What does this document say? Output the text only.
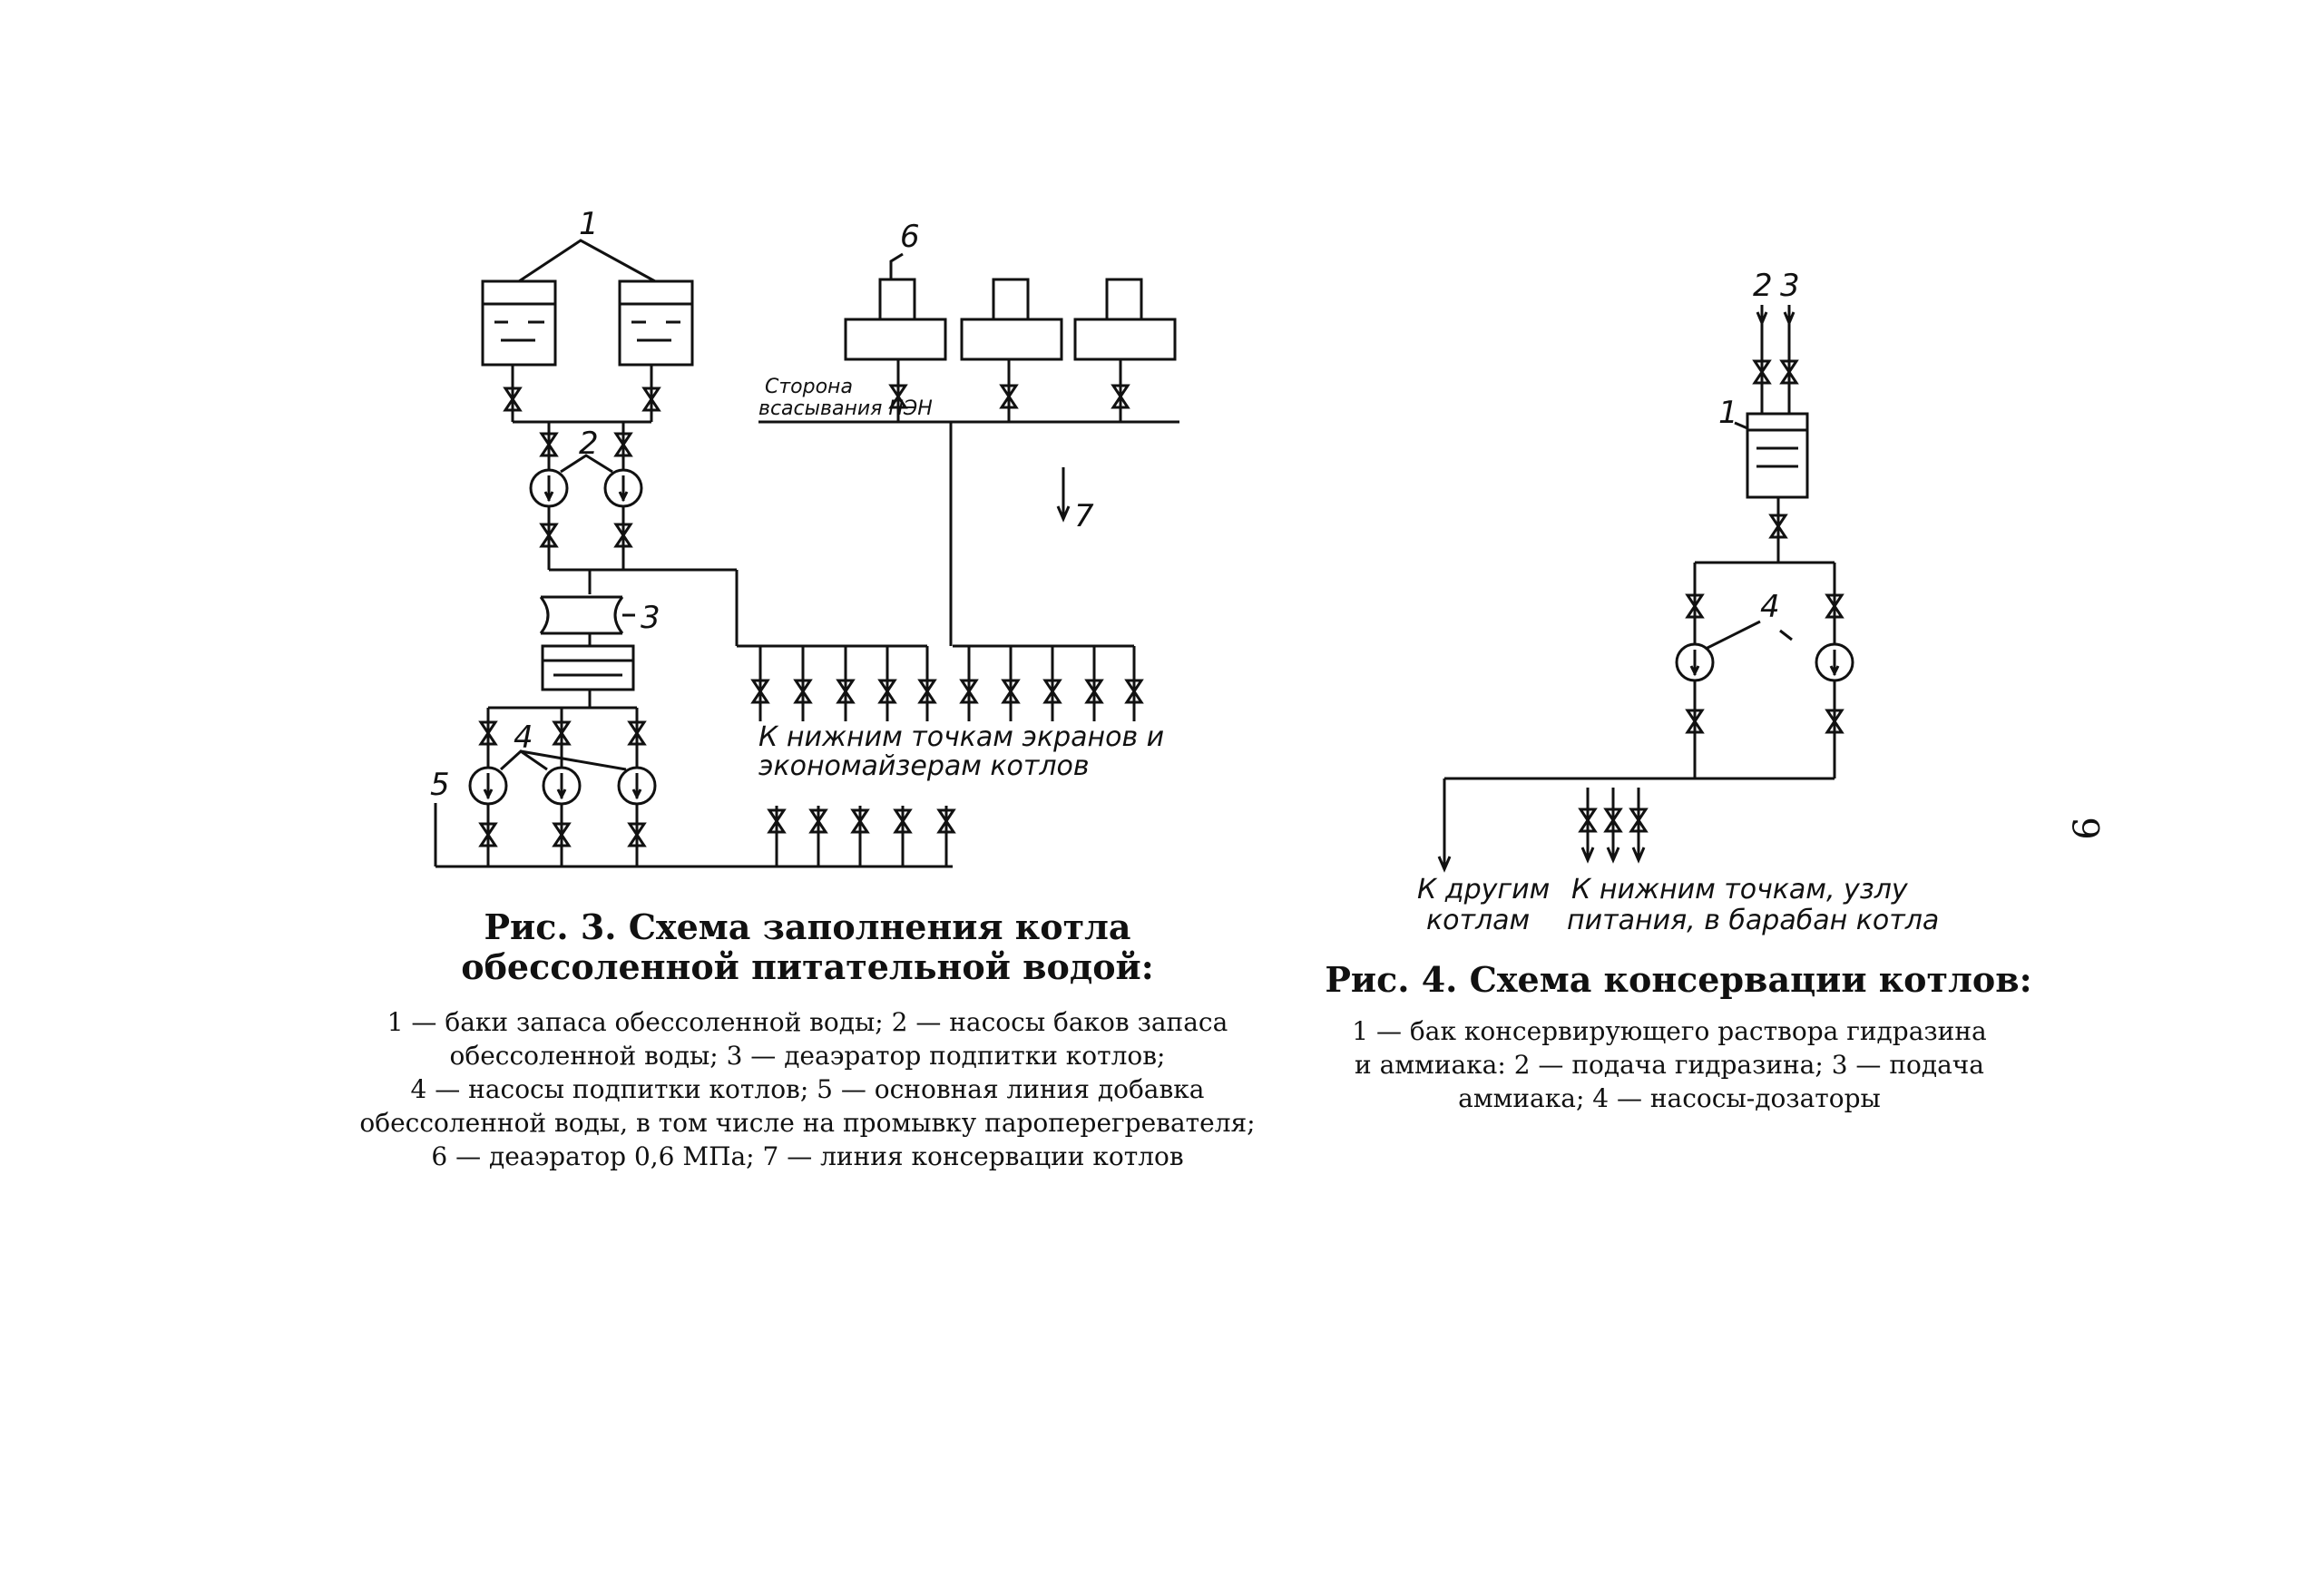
1
2
3
4
5
К нижним точкам экранов и
экономайзерам котлов
6
Сторона
всасывания ПЭН
7
2 3
1
4
К другим
котлам
К нижним точкам, узлу
питания, в барабан котла
Рис. 3. Схема заполнения котла
обессоленной питательной водой:
1 — баки запаса обессоленной воды; 2 — насосы баков запаса
обессоленной воды; 3 — деаэратор подпитки котлов;
4 — насосы подпитки котлов; 5 — основная линия добавка
обессоленной воды, в том числе на промывку пароперегревателя;
6 — деаэратор 0,6 МПа; 7 — линия консервации котлов
Рис. 4. Схема консервации котлов:
1 — бак консервирующего раствора гидразина
и аммиака: 2 — подача гидразина; 3 — подача
аммиака; 4 — насосы-дозаторы
9
